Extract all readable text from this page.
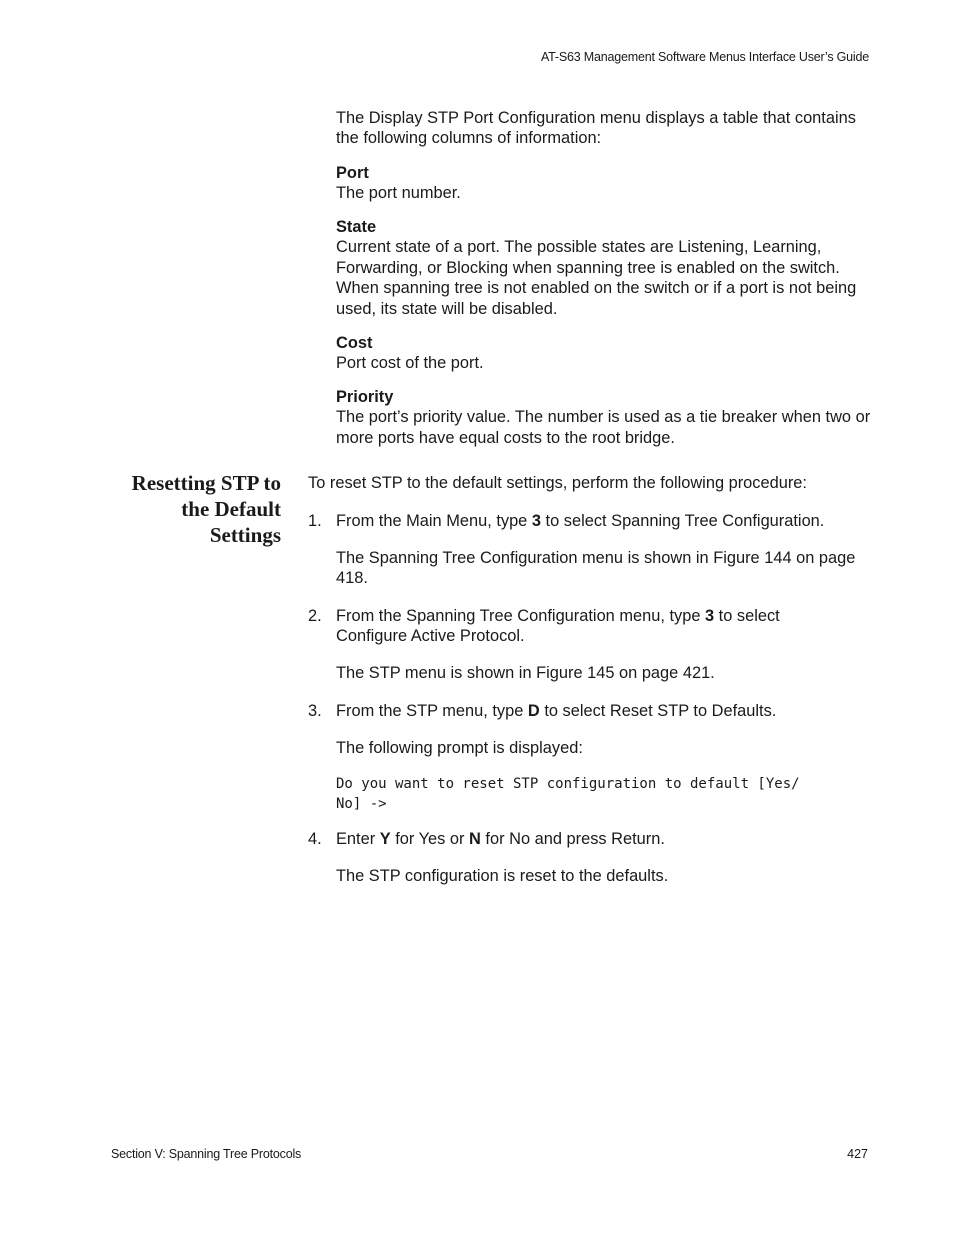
AT-S63 Management Software Menus Interface User’s Guide

The Display STP Port Configuration menu displays a table that contains the following columns of information:

Port

The port number.

State

Current state of a port. The possible states are Listening, Learning, Forwarding, or Blocking when spanning tree is enabled on the switch. When spanning tree is not enabled on the switch or if a port is not being used, its state will be disabled.

Cost

Port cost of the port.

Priority

The port’s priority value. The number is used as a tie breaker when two or more ports have equal costs to the root bridge.

Resetting STP to
the Default
Settings

To reset STP to the default settings, perform the following procedure:

1. From the Main Menu, type 3 to select Spanning Tree Configuration.

The Spanning Tree Configuration menu is shown in Figure 144 on page 418.

2. From the Spanning Tree Configuration menu, type 3 to select Configure Active Protocol.

The STP menu is shown in Figure 145 on page 421.

3. From the STP menu, type D to select Reset STP to Defaults.

The following prompt is displayed:

Do you want to reset STP configuration to default [Yes/
No] ->
4. Enter Y for Yes or N for No and press Return.

The STP configuration is reset to the defaults.

Section V: Spanning Tree Protocols	427
